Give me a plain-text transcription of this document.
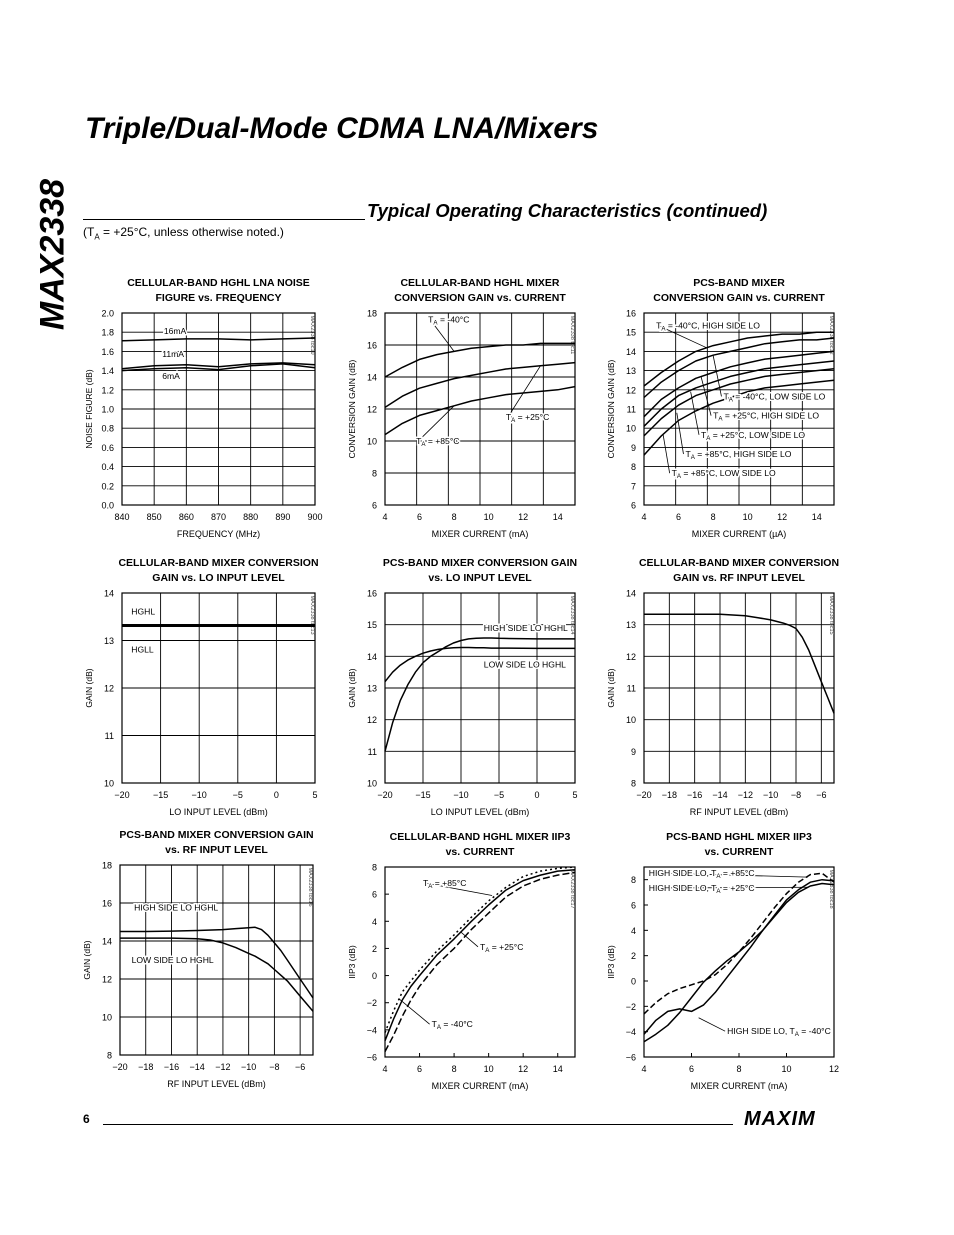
MAX2338
Triple/Dual-Mode CDMA LNA/Mixers
Typical Operating Characteristics (continued)
($T_A = +25^\circ C$, unless otherwise noted.)
CELLULAR-BAND HGHL LNA NOISE
FIGURE vs. FREQUENCY
840 850 860 870 880 890 900
0.0
0.2
0.4
0.6
0.8
1.0
1.2
1.4
1.6
1.8
2.0
FREQUENCY (MHz)
NOISE FIGURE (dB)
MAX2338 toc10
16mA
11mA
6mA
CELLULAR-BAND HGHL MIXER
CONVERSION GAIN vs. CURRENT
4	6	8	10	12	14
6
8
10
12
14
16
18
MIXER CURRENT (mA)
CONVERSION GAIN (dB)
MAX2338 toc11
$T_A = -40^\circ C$
$T_A = +25^\circ C$
$T_A = +85^\circ C$
PCS-BAND MIXER
CONVERSION GAIN vs. CURRENT
4	6	8	10	12	14
6
7
8
9
10
11
12
13
14
15
16
MIXER CURRENT (µA)
CONVERSION GAIN (dB)
MAX2338 toc12
$T_A = -40^\circ C$, HIGH SIDE LO
$T_A = -40^\circ C$, LOW SIDE LO
$T_A = +25^\circ C$, HIGH SIDE LO
$T_A = +25^\circ C$, LOW SIDE LO
$T_A = +85^\circ C$, HIGH SIDE LO
$T_A = +85^\circ C$, LOW SIDE LO
CELLULAR-BAND MIXER CONVERSION
GAIN vs. LO INPUT LEVEL
−20	−15	−10	−5	0	5
10
11
12
13
14
LO INPUT LEVEL (dBm)
GAIN (dB)
MAX2338 toc13
HGHL
HGLL
PCS-BAND MIXER CONVERSION GAIN
vs. LO INPUT LEVEL
−20	−15	−10	−5	0	5
10
11
12
13
14
15
16
LO INPUT LEVEL (dBm)
GAIN (dB)
MAX2338 toc14
HIGH SIDE LO HGHL
LOW SIDE LO HGHL
CELLULAR-BAND MIXER CONVERSION
GAIN vs. RF INPUT LEVEL
−20 −18 −16 −14 −12 −10 −8 −6
8
9
10
11
12
13
14
RF INPUT LEVEL (dBm)
GAIN (dB)
MAX2338 toc15
PCS-BAND MIXER CONVERSION GAIN
vs. RF INPUT LEVEL
−20 −18 −16 −14 −12 −10 −8 −6
8
10
12
14
16
18
RF INPUT LEVEL (dBm)
GAIN (dB)
MAX2338 toc16
HIGH SIDE LO HGHL
LOW SIDE LO HGHL
CELLULAR-BAND HGHL MIXER IIP3
vs. CURRENT
4	6	8	10	12	14
−6
−4
−2
0
2
4
6
8
MIXER CURRENT (mA)
IIP3 (dB)
MAX2338 toc17
$T_A = +85^\circ C$
$T_A = +25^\circ C$
$T_A = -40^\circ C$
PCS-BAND HGHL MIXER IIP3
vs. CURRENT
4	6	8	10	12
−6
−4
−2
0
2
4
6
8
MIXER CURRENT (mA)
IIP3 (dB)
MAX2338 toc18
HIGH SIDE LO, $T_A = +85^\circ C$
HIGH SIDE LO, $T_A = +25^\circ C$
HIGH SIDE LO, $T_A = -40^\circ C$
6	MAXIM
